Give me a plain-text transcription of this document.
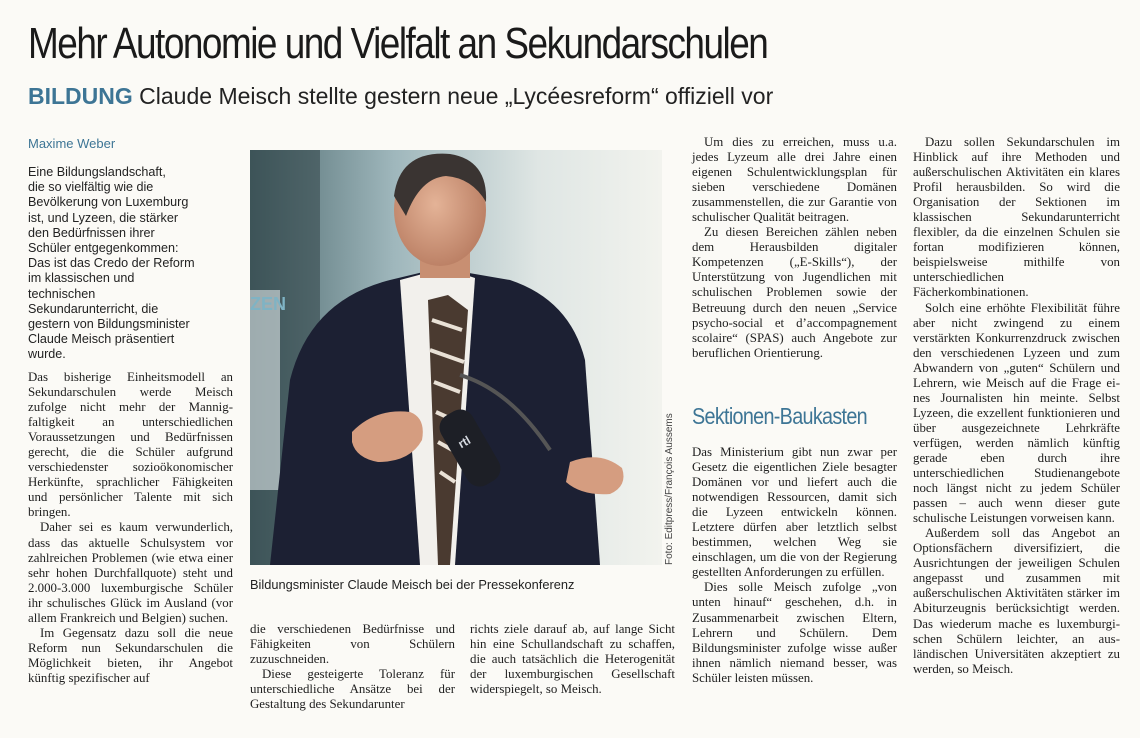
Mehr Autonomie und Vielfalt an Sekundarschulen
BILDUNG Claude Meisch stellte gestern neue „Lycéesreform“ offiziell vor
Maxime Weber

Eine Bildungslandschaft,
die so vielfältig wie die
Bevölkerung von Luxemburg
ist, und Lyzeen, die stärker
den Bedürfnissen ihrer
Schüler entgegenkommen:
Das ist das Credo der Reform
im klassischen und
technischen
Sekundarunterricht, die
gestern von Bildungsminister
Claude Meisch präsentiert
wurde.

Das bisherige Einheitsmodell an Sekundarschulen werde Meisch zufolge nicht mehr der Mannigfaltigkeit an unterschiedlichen Voraussetzungen und Bedürfnissen gerecht, die die Schüler aufgrund verschiedenster sozioökonomischer Herkünfte, sprachlicher Fähigkeiten und persönlicher Talente mit sich bringen.

Daher sei es kaum verwunderlich, dass das aktuelle Schulsystem vor zahlreichen Problemen (wie etwa einer sehr hohen Durchfallquote) steht und 2.000-3.000 luxemburgische Schüler ihr schulisches Glück im Ausland (vor allem Frankreich und Belgien) suchen.

Im Gegensatz dazu soll die neue Reform nun Sekundarschulen die Möglichkeit bieten, ihr Angebot künftig spezifischer auf

ZEN
rtl	Foto: Editpress/François Aussems
Bildungsminister Claude Meisch bei der Pressekonferenz

die verschiedenen Bedürfnisse und Fähigkeiten von Schülern zuzuschneiden.

Diese gesteigerte Toleranz für unterschiedliche Ansätze bei der Gestaltung des Sekundarunter

richts ziele darauf ab, auf lange Sicht hin eine Schullandschaft zu schaffen, die auch tatsächlich die Heterogenität der luxemburgischen Gesellschaft widerspiegelt, so Meisch.

Um dies zu erreichen, muss u.a. jedes Lyzeum alle drei Jahre einen eigenen Schulentwicklungsplan für sieben verschiedene Domänen zusammenstellen, die zur Garantie von schulischer Qualität beitragen.

Zu diesen Bereichen zählen neben dem Herausbilden digitaler Kompetenzen („E-Skills“), der Unterstützung von Jugendlichen mit schulischen Problemen sowie der Betreuung durch den neuen „Service psycho-social et d’accompagnement scolaire“ (SPAS) auch Angebote zur beruflichen Orientierung.

Sektionen-Baukasten

Das Ministerium gibt nun zwar per Gesetz die eigentlichen Ziele besagter Domänen vor und liefert auch die notwendigen Ressourcen, damit sich die Lyzeen entwickeln können. Letztere dürfen aber letztlich selbst bestimmen, welchen Weg sie einschlagen, um die von der Regierung gestellten Anforderungen zu erfüllen.

Dies solle Meisch zufolge „von unten hinauf“ geschehen, d.h. in Zusammenarbeit zwischen Eltern, Lehrern und Schülern. Dem Bildungsminister zufolge wisse außer ihnen nämlich niemand besser, was Schüler leisten müssen.

Dazu sollen Sekundarschulen im Hinblick auf ihre Methoden und außerschulischen Aktivitäten ein klares Profil herausbilden. So wird die Organisation der Sektionen im klassischen Sekundarunterricht flexibler, da die einzelnen Schulen sie fortan modifizieren können, beispielsweise mithilfe von unterschiedlichen Fächerkombinationen.

Solch eine erhöhte Flexibilität führe aber nicht zwingend zu einem verstärkten Konkurrenzdruck zwischen den verschiedenen Lyzeen und zum Abwandern von „guten“ Schülern und Lehrern, wie Meisch auf die Frage eines Journalisten hin meinte. Selbst Lyzeen, die exzellent funktionieren und über ausgezeichnete Lehrkräfte verfügen, werden nämlich künftig gerade eben durch ihre unterschiedlichen Studienangebote noch längst nicht zu jedem Schüler passen – auch wenn dieser gute schulische Leistungen vorweisen kann.

Außerdem soll das Angebot an Optionsfächern diversifiziert, die Ausrichtungen der jeweiligen Schulen angepasst und zusammen mit außerschulischen Aktivitäten stärker im Abiturzeugnis berücksichtigt werden. Das wiederum mache es luxemburgischen Schülern leichter, an ausländischen Universitäten akzeptiert zu werden, so Meisch.
